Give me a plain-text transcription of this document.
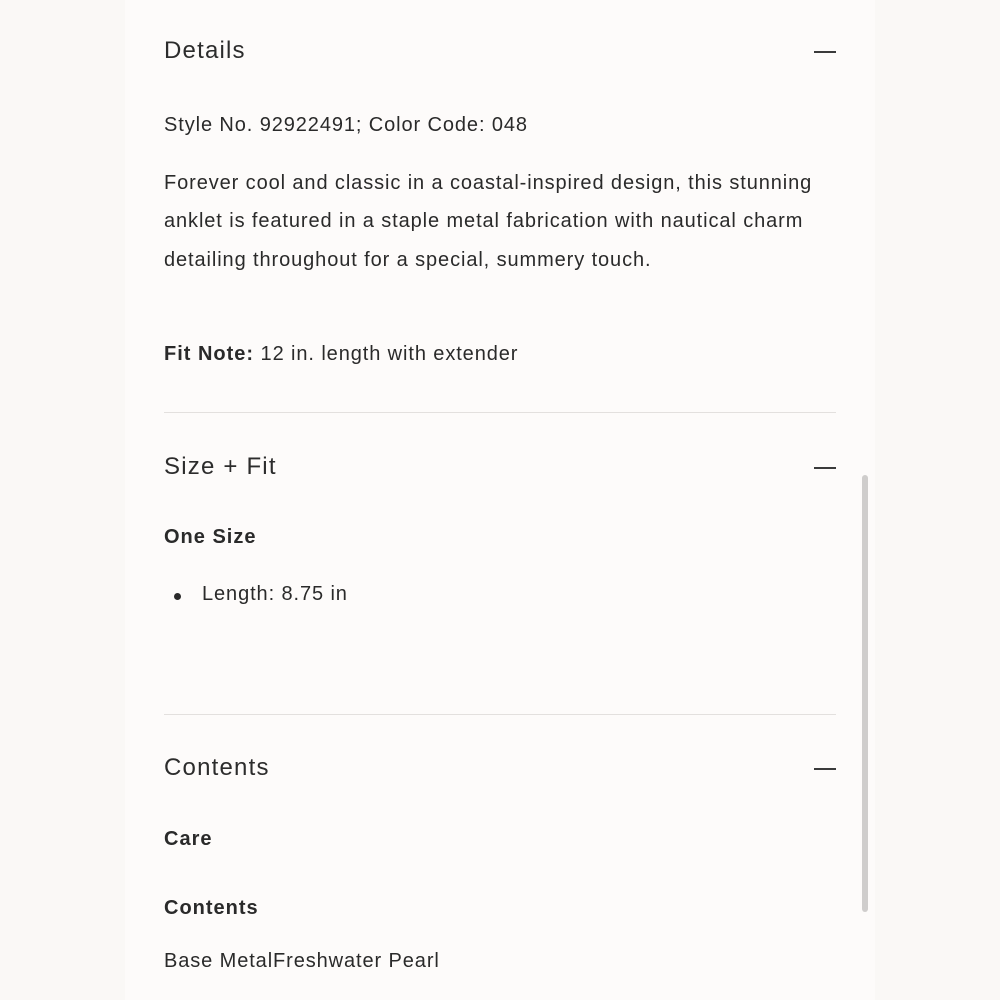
Details
Style No. 92922491; Color Code: 048
Forever cool and classic in a coastal-inspired design, this stunning anklet is featured in a staple metal fabrication with nautical charm detailing throughout for a special, summery touch.
Fit Note: 12 in. length with extender
Size + Fit
One Size
Length: 8.75 in
Contents
Care
Contents
Base MetalFreshwater Pearl
